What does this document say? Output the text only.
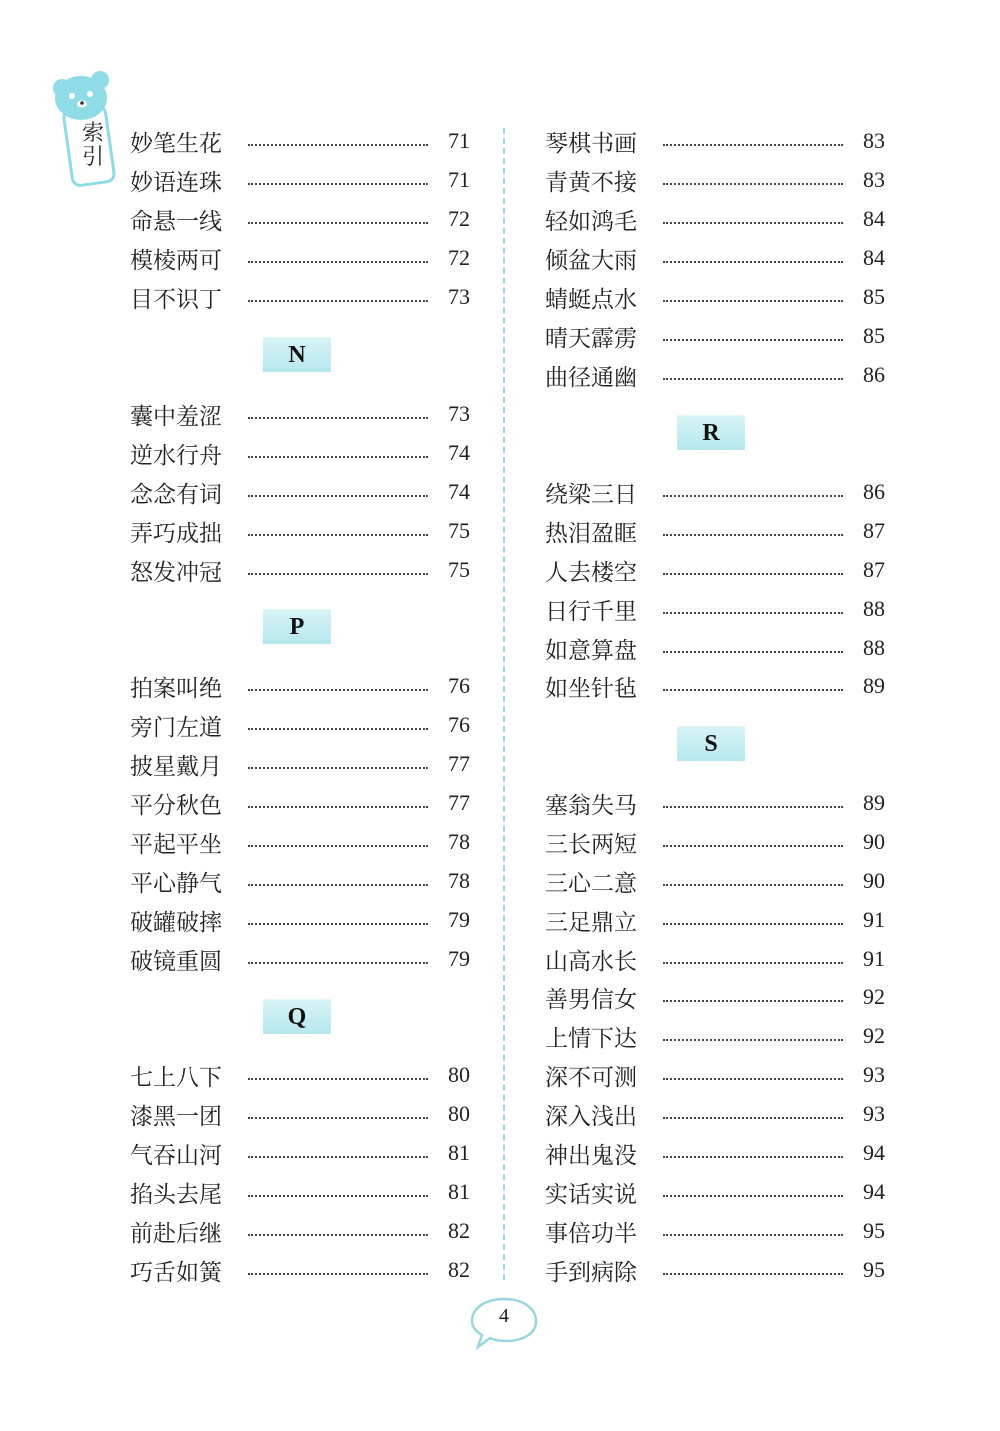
索引
妙笔生花	71
妙语连珠	71
命悬一线	72
模棱两可	72
目不识丁	73
N
囊中羞涩	73
逆水行舟	74
念念有词	74
弄巧成拙	75
怒发冲冠	75
P
拍案叫绝	76
旁门左道	76
披星戴月	77
平分秋色	77
平起平坐	78
平心静气	78
破罐破摔	79
破镜重圆	79
Q
七上八下	80
漆黑一团	80
气吞山河	81
掐头去尾	81
前赴后继	82
巧舌如簧	82
琴棋书画	83
青黄不接	83
轻如鸿毛	84
倾盆大雨	84
蜻蜓点水	85
晴天霹雳	85
曲径通幽	86
R
绕梁三日	86
热泪盈眶	87
人去楼空	87
日行千里	88
如意算盘	88
如坐针毡	89
S
塞翁失马	89
三长两短	90
三心二意	90
三足鼎立	91
山高水长	91
善男信女	92
上情下达	92
深不可测	93
深入浅出	93
神出鬼没	94
实话实说	94
事倍功半	95
手到病除	95
4
